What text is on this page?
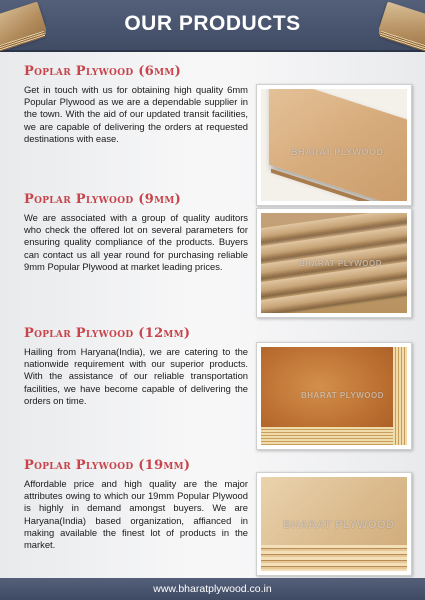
OUR PRODUCTS
Poplar Plywood (6mm)
Get in touch with us for obtaining high quality 6mm Popular Plywood as we are a dependable supplier in the town. With the aid of our updated transit facilities, we are capable of delivering the orders at requested destinations with ease.
BHARAT PLYWOOD
Poplar Plywood (9mm)
We are associated with a group of quality auditors who check the offered lot on several parameters for ensuring quality compliance of the products. Buyers can contact us all year round for purchasing reliable 9mm Popular Plywood at market leading prices.	BHARAT PLYWOOD
Poplar Plywood (12mm)
Hailing from Haryana(India), we are catering to the nationwide requirement with our superior products. With the assistance of our reliable transportation facilities, we have become capable of delivering the orders on time.	BHARAT PLYWOOD
Poplar Plywood (19mm)
Affordable price and high quality are the major attributes owing to which our 19mm Popular Plywood is highly in demand amongst buyers. We are Haryana(India) based organization, affianced in making available the finest lot of products in the market.
BHARAT PLYWOOD
www.bharatplywood.co.in
